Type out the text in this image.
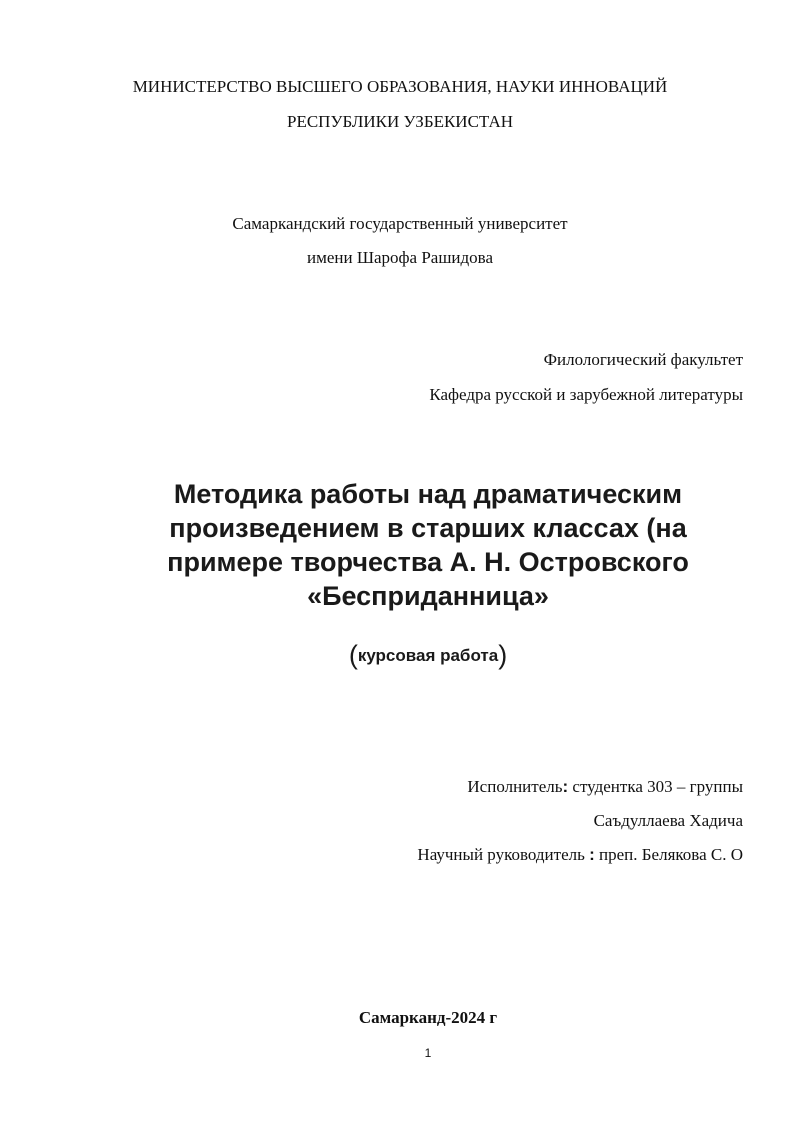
МИНИСТЕРСТВО ВЫСШЕГО ОБРАЗОВАНИЯ, НАУКИ ИННОВАЦИЙ
РЕСПУБЛИКИ УЗБЕКИСТАН
Самаркандский государственный университет
имени Шарофа Рашидова
Филологический факультет
Кафедра русской и зарубежной литературы
Методика работы над драматическим
произведением в старших классах (на
примере творчества А. Н. Островского
«Бесприданница»
(курсовая работа)
Исполнитель: студентка 303 – группы
Саъдуллаева Хадича
Научный руководитель : преп. Белякова С. О
Самарканд-2024 г
1
